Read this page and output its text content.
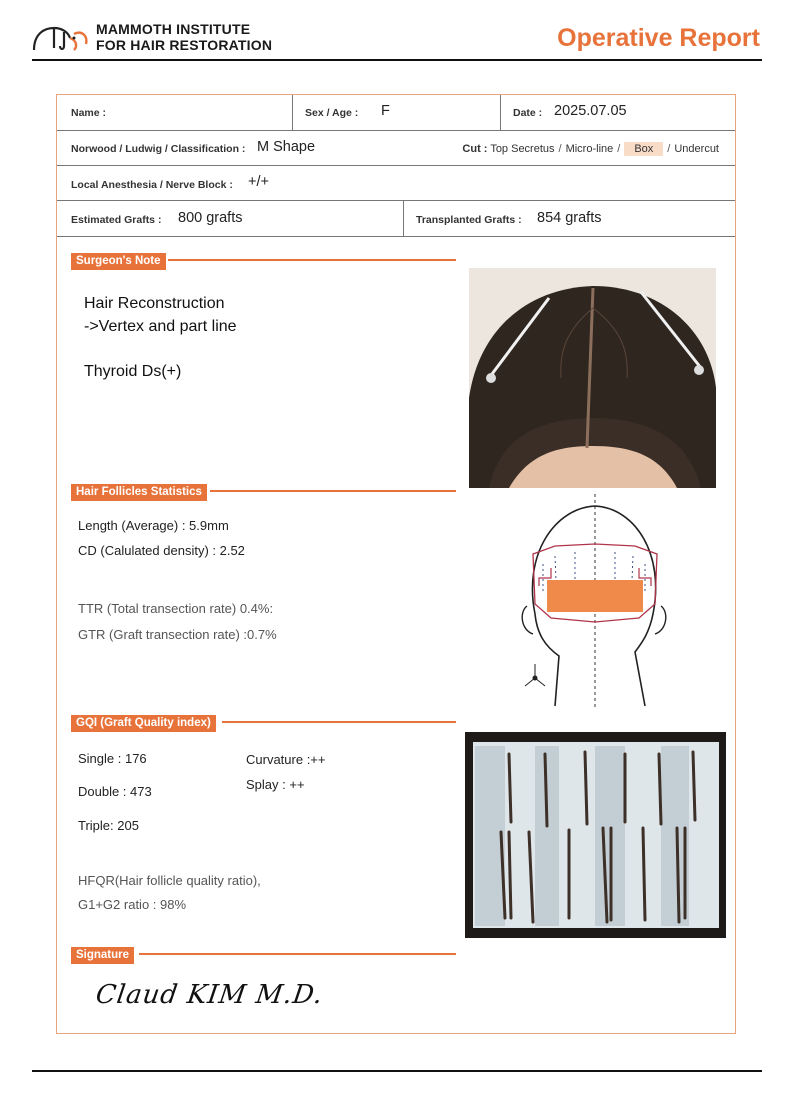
MAMMOTH INSTITUTE
FOR HAIR RESTORATION	Operative Report
Name :	Sex / Age : F	Date : 2025.07.05
Norwood / Ludwig / Classification : M Shape	Cut : Top Secretus / Micro-line / Box / Undercut
Local Anesthesia / Nerve Block : +/+
Estimated Grafts : 800 grafts	Transplanted Grafts : 854 grafts
Surgeon's Note
Hair Reconstruction
->Vertex and part line
Thyroid Ds(+)
Hair Follicles Statistics
Length (Average) : 5.9mm
CD (Calulated density) : 2.52
TTR (Total transection rate) 0.4%:
GTR (Graft transection rate) :0.7%
GQI (Graft Quality index)
Single : 176
Double : 473
Triple: 205
Curvature :++
Splay : ++
HFQR(Hair follicle quality ratio),
G1+G2 ratio : 98%
Signature
Claud KIM M.D.
